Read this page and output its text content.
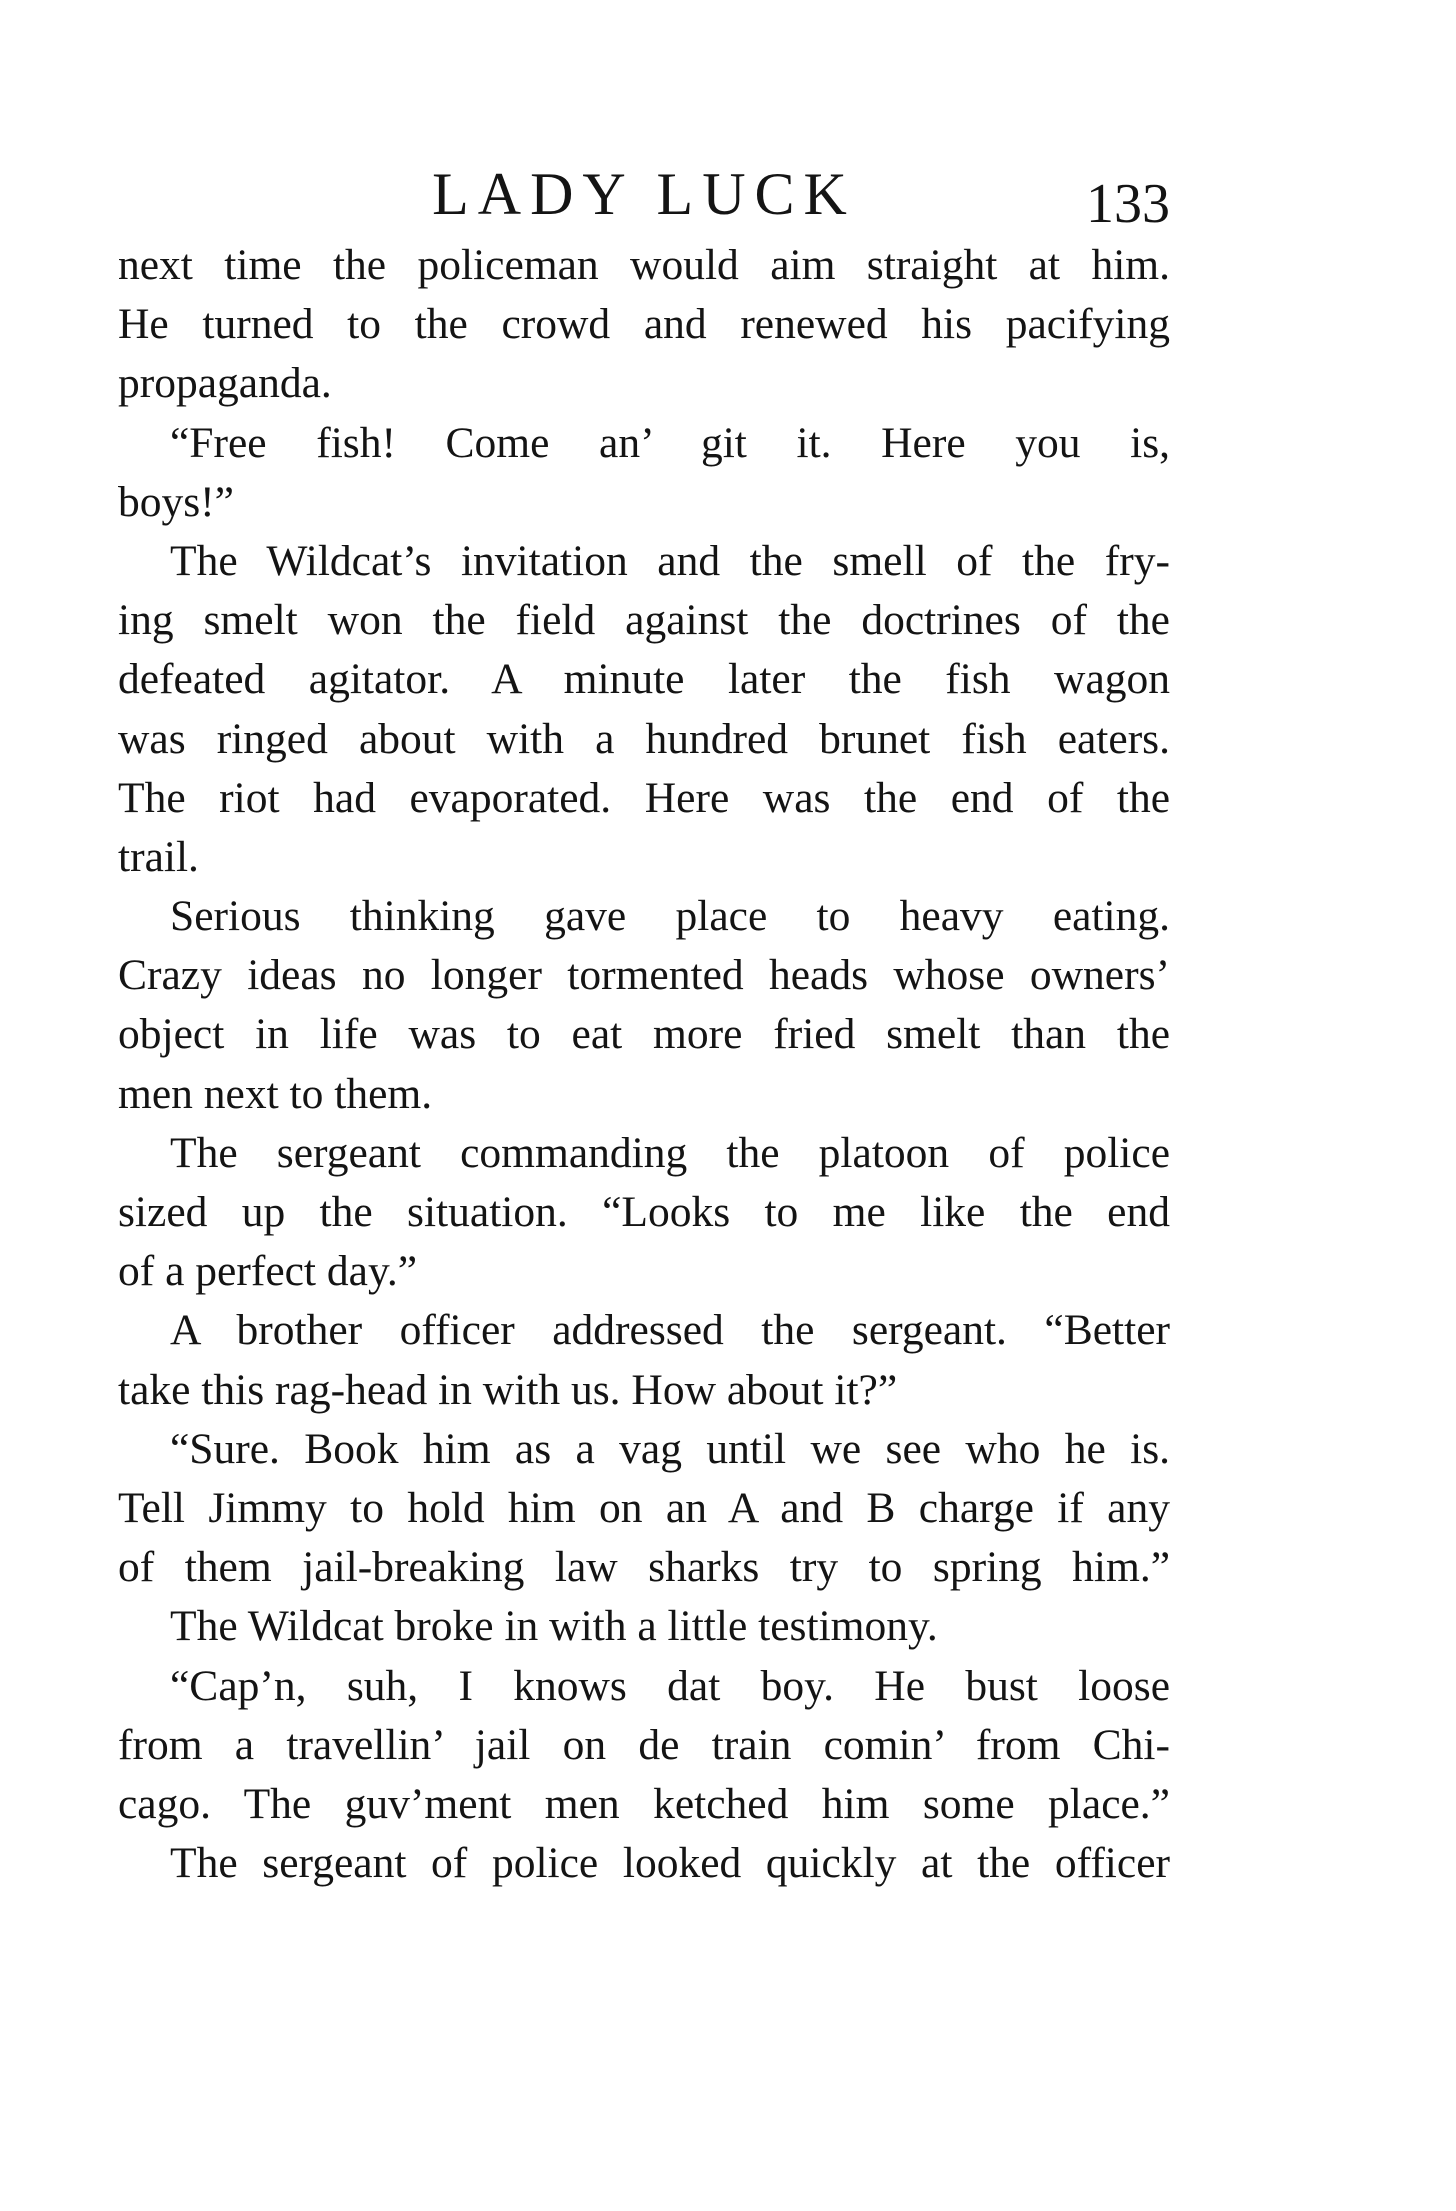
LADY LUCK	133
next time the policeman would aim straight at him.
He turned to the crowd and renewed his pacifying
propaganda.
“Free fish! Come an’ git it. Here you is,
boys!”
The Wildcat’s invitation and the smell of the fry-
ing smelt won the field against the doctrines of the
defeated agitator. A minute later the fish wagon
was ringed about with a hundred brunet fish eaters.
The riot had evaporated. Here was the end of the
trail.
Serious thinking gave place to heavy eating.
Crazy ideas no longer tormented heads whose owners’
object in life was to eat more fried smelt than the
men next to them.
The sergeant commanding the platoon of police
sized up the situation. “Looks to me like the end
of a perfect day.”
A brother officer addressed the sergeant. “Better
take this rag-head in with us. How about it?”
“Sure. Book him as a vag until we see who he is.
Tell Jimmy to hold him on an A and B charge if any
of them jail-breaking law sharks try to spring him.”
The Wildcat broke in with a little testimony.
“Cap’n, suh, I knows dat boy. He bust loose
from a travellin’ jail on de train comin’ from Chi-
cago. The guv’ment men ketched him some place.”
The sergeant of police looked quickly at the officer
